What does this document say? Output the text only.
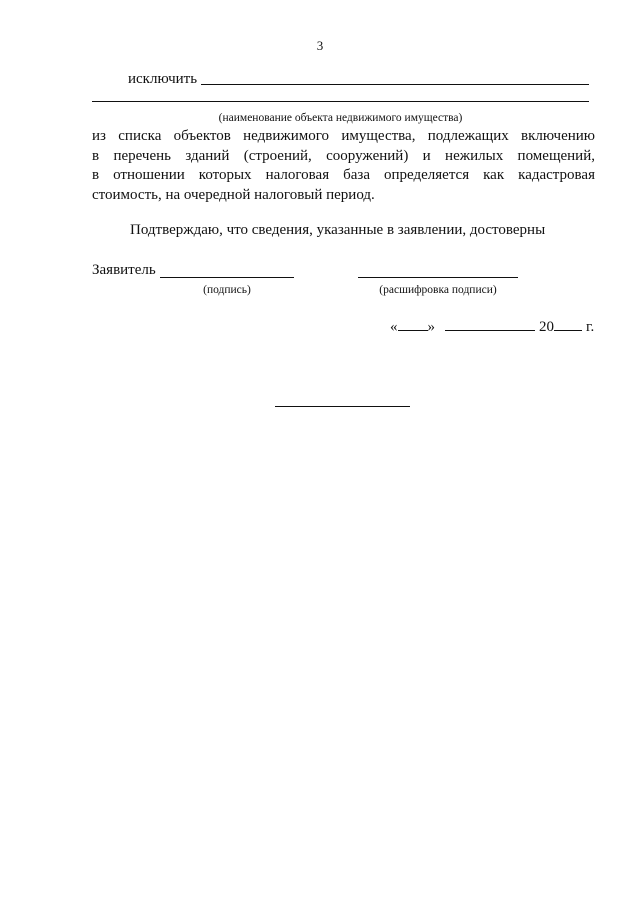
3
исключить
(наименование объекта недвижимого имущества)
из списка объектов недвижимого имущества, подлежащих включению
в перечень зданий (строений, сооружений) и нежилых помещений,
в отношении которых налоговая база определяется как кадастровая
стоимость, на очередной налоговый период.
Подтверждаю, что сведения, указанные в заявлении, достоверны
Заявитель
(подпись)	(расшифровка подписи)
« »	20 г.
